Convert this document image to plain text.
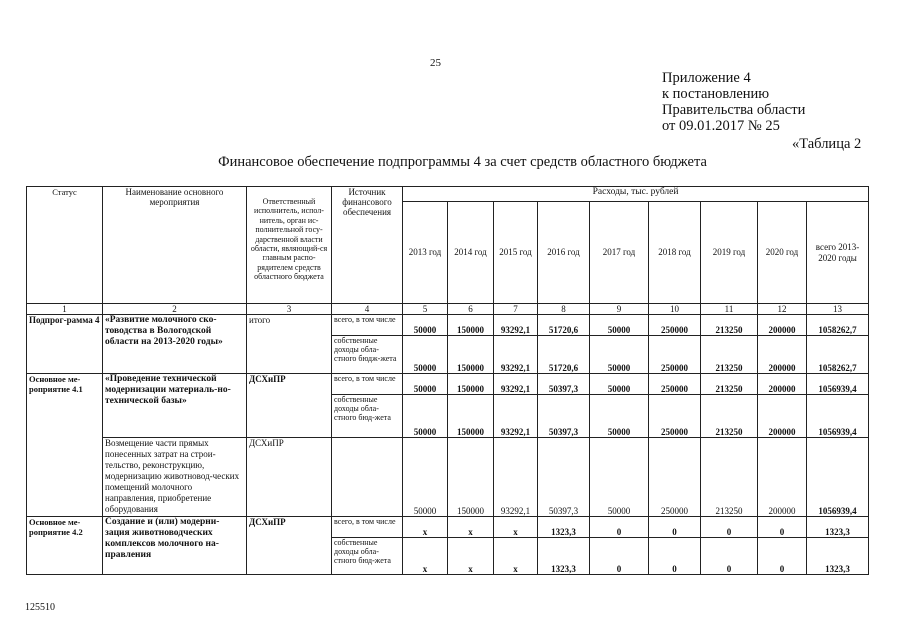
25
Приложение 4
к постановлению
Правительства области
от 09.01.2017 № 25
«Таблица 2
Финансовое обеспечение подпрограммы 4 за счет средств областного бюджета
Статус	Наименование основного мероприятия	Ответственный исполнитель, испол-нитель, орган ис-полнительной госу-дарственной власти области, являющий-ся главным распо-рядителем средств областного бюджета	Источник финансового обеспечения	Расходы, тыс. рублей								
				2013 год	2014 год	2015 год	2016 год	2017 год	2018 год	2019 год	2020 год	всего 2013-2020 годы
1	2	3	4	5	6	7	8	9	10	11	12	13
Подпрог-рамма 4	«Развитие молочного ско-товодства в Вологодской области на 2013-2020 годы»	итого	всего, в том числе	50000	150000	93292,1	51720,6	50000	250000	213250	200000	1058262,7
			собственные доходы обла-стного бюдж-жета	50000	150000	93292,1	51720,6	50000	250000	213250	200000	1058262,7
Основное ме-роприятие 4.1	«Проведение технической модернизации материаль-но-технической базы»	ДСХиПР	всего, в том числе	50000	150000	93292,1	50397,3	50000	250000	213250	200000	1056939,4
			собственные доходы обла-стного бюд-жета	50000	150000	93292,1	50397,3	50000	250000	213250	200000	1056939,4
	Возмещение части прямых понесенных затрат на строи-тельство, реконструкцию, модернизацию животновод-ческих помещений молочного направления, приобретение оборудования	ДСХиПР		50000	150000	93292,1	50397,3	50000	250000	213250	200000	1056939,4
Основное ме-роприятие 4.2	Создание и (или) модерни-зация животноводческих комплексов молочного на-правления	ДСХиПР	всего, в том числе	x	x	x	1323,3	0	0	0	0	1323,3
			собственные доходы обла-стного бюд-жета	x	x	x	1323,3	0	0	0	0	1323,3
125510
